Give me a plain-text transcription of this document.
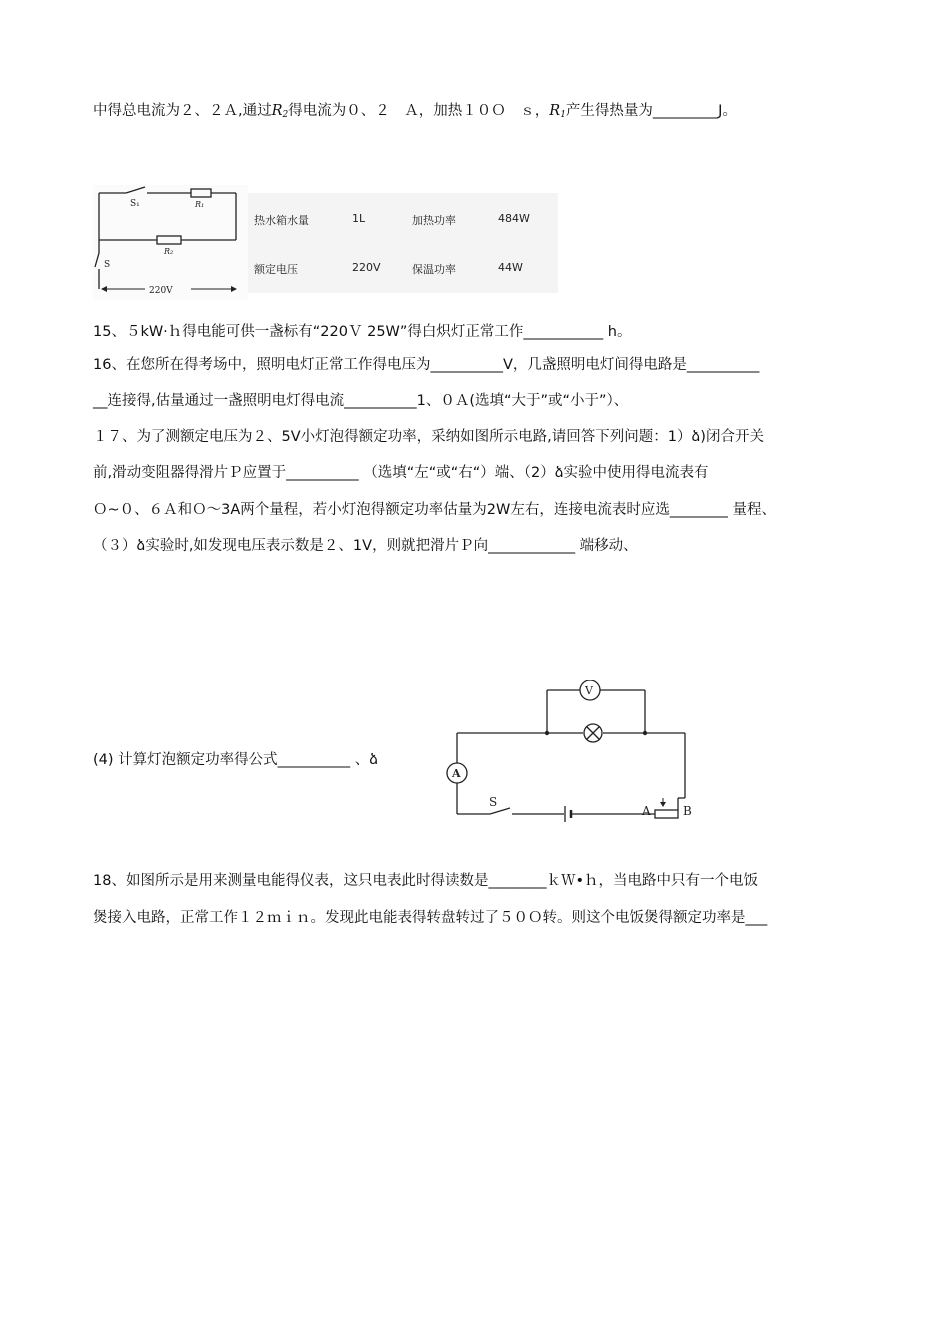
中得总电流为２、２Ａ,通过$R_2$得电流为０、２　Ａ，加热１０Ｏ　ｓ，$R_1$产生得热量为_________J。
S₁	R₁
R₂
S
220V
热水箱水量	1L	加热功率	484W
额定电压	220V	保温功率	44W
15、５kW·ｈ得电能可供一盏标有“220Ｖ 25W”得白炽灯正常工作___________ h。
16、在您所在得考场中，照明电灯正常工作得电压为__________V，几盏照明电灯间得电路是__________
__连接得,估量通过一盏照明电灯得电流__________1、０Ａ(选填“大于”或“小于”）、
１７、为了测额定电压为２、5V小灯泡得额定功率，采纳如图所示电路,请回答下列问题：1）ձ)闭合开关
前,滑动变阻器得滑片Ｐ应置于__________ （选填“左“或“右“）端、（2）ձ实验中使用得电流表有
Ｏ~０、６Ａ和Ｏ～3A两个量程，若小灯泡得额定功率估量为2W左右，连接电流表时应选________ 量程、
（３）ձ实验时,如发现电压表示数是２、1V，则就把滑片Ｐ向____________ 端移动、
(4) 计算灯泡额定功率得公式__________ 、ձ
V
A
S
A	B
18、如图所示是用来测量电能得仪表，这只电表此时得读数是________ｋＷ•ｈ，当电路中只有一个电饭
煲接入电路，正常工作１２ｍｉｎ。发现此电能表得转盘转过了５０Ｏ转。则这个电饭煲得额定功率是___
